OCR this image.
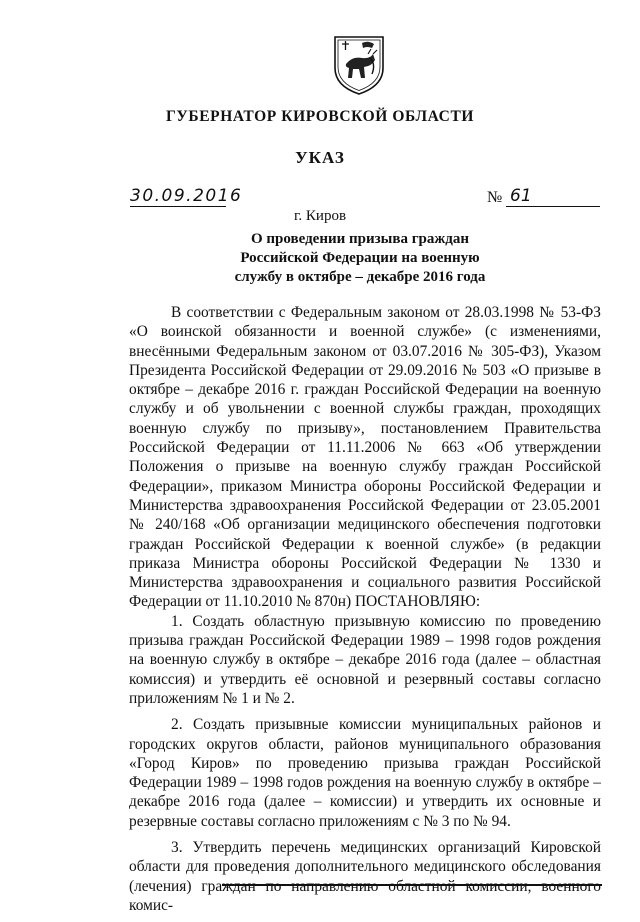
ГУБЕРНАТОР КИРОВСКОЙ ОБЛАСТИ
УКАЗ
30.09.2016	№ 61
г. Киров
О проведении призыва граждан Российской Федерации на военную службу в октябре – декабре 2016 года

В соответствии с Федеральным законом от 28.03.1998 № 53-ФЗ «О воинской обязанности и военной службе» (с изменениями, внесёнными Федеральным законом от 03.07.2016 № 305-ФЗ), Указом Президента Российской Федерации от 29.09.2016 № 503 «О призыве в октябре – декабре 2016 г. граждан Российской Федерации на военную службу и об увольнении с военной службы граждан, проходящих военную службу по призыву», постановлением Правительства Российской Федерации от 11.11.2006 № 663 «Об утверждении Положения о призыве на военную службу граждан Российской Федерации», приказом Министра обороны Российской Федерации и Министерства здравоохранения Российской Федерации от 23.05.2001 № 240/168 «Об организации медицинского обеспечения подготовки граждан Российской Федерации к военной службе» (в редакции приказа Министра обороны Российской Федерации № 1330 и Министерства здравоохранения и социального развития Российской Федерации от 11.10.2010 № 870н) ПОСТАНОВЛЯЮ:

1. Создать областную призывную комиссию по проведению призыва граждан Российской Федерации 1989 – 1998 годов рождения на военную службу в октябре – декабре 2016 года (далее – областная комиссия) и утвердить её основной и резервный составы согласно приложениям № 1 и № 2.

2. Создать призывные комиссии муниципальных районов и городских округов области, районов муниципального образования «Город Киров» по проведению призыва граждан Российской Федерации 1989 – 1998 годов рождения на военную службу в октябре – декабре 2016 года (далее – комиссии) и утвердить их основные и резервные составы согласно приложениям с № 3 по № 94.

3. Утвердить перечень медицинских организаций Кировской области для проведения дополнительного медицинского обследования (лечения) граждан по направлению областной комиссии, военного комис-
